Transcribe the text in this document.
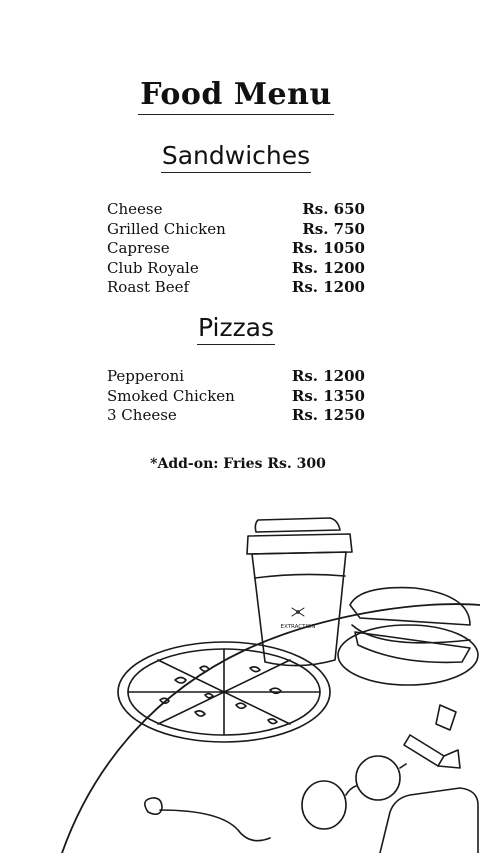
Food Menu
Sandwiches
Cheese	Rs. 650
Grilled Chicken	Rs. 750
Caprese	Rs. 1050
Club Royale	Rs. 1200
Roast Beef	Rs. 1200
Pizzas
Pepperoni	Rs. 1200
Smoked Chicken	Rs. 1350
3 Cheese	Rs. 1250
*Add-on: Fries Rs. 300
EXTRACTION
